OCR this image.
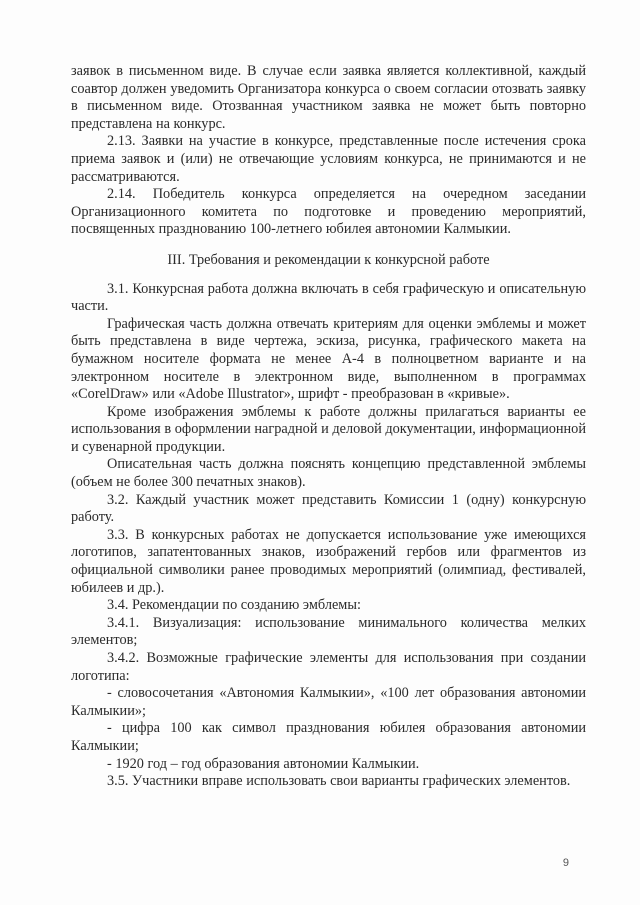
заявок в письменном виде. В случае если заявка является коллективной, каждый соавтор должен уведомить Организатора конкурса о своем согласии отозвать заявку в письменном виде. Отозванная участником заявка не может быть повторно представлена на конкурс.

2.13. Заявки на участие в конкурсе, представленные после истечения срока приема заявок и (или) не отвечающие условиям конкурса, не принимаются и не рассматриваются.

2.14. Победитель конкурса определяется на очередном заседании Организационного комитета по подготовке и проведению мероприятий, посвященных празднованию 100-летнего юбилея автономии Калмыкии.

III. Требования и рекомендации к конкурсной работе

3.1. Конкурсная работа должна включать в себя графическую и описательную части.

Графическая часть должна отвечать критериям для оценки эмблемы и может быть представлена в виде чертежа, эскиза, рисунка, графического макета на бумажном носителе формата не менее А-4 в полноцветном варианте и на электронном носителе в электронном виде, выполненном в программах «CorelDraw» или «Adobe Illustrator», шрифт - преобразован в «кривые».

Кроме изображения эмблемы к работе должны прилагаться варианты ее использования в оформлении наградной и деловой документации, информационной и сувенарной продукции.

Описательная часть должна пояснять концепцию представленной эмблемы (объем не более 300 печатных знаков).

3.2. Каждый участник может представить Комиссии 1 (одну) конкурсную работу.

3.3. В конкурсных работах не допускается использование уже имеющихся логотипов, запатентованных знаков, изображений гербов или фрагментов из официальной символики ранее проводимых мероприятий (олимпиад, фестивалей, юбилеев и др.).

3.4. Рекомендации по созданию эмблемы:

3.4.1. Визуализация: использование минимального количества мелких элементов;

3.4.2. Возможные графические элементы для использования при создании логотипа:

- словосочетания «Автономия Калмыкии», «100 лет образования автономии Калмыкии»;

- цифра 100 как символ празднования юбилея образования автономии Калмыкии;

- 1920 год – год образования автономии Калмыкии.

3.5. Участники вправе использовать свои варианты графических элементов.

9
